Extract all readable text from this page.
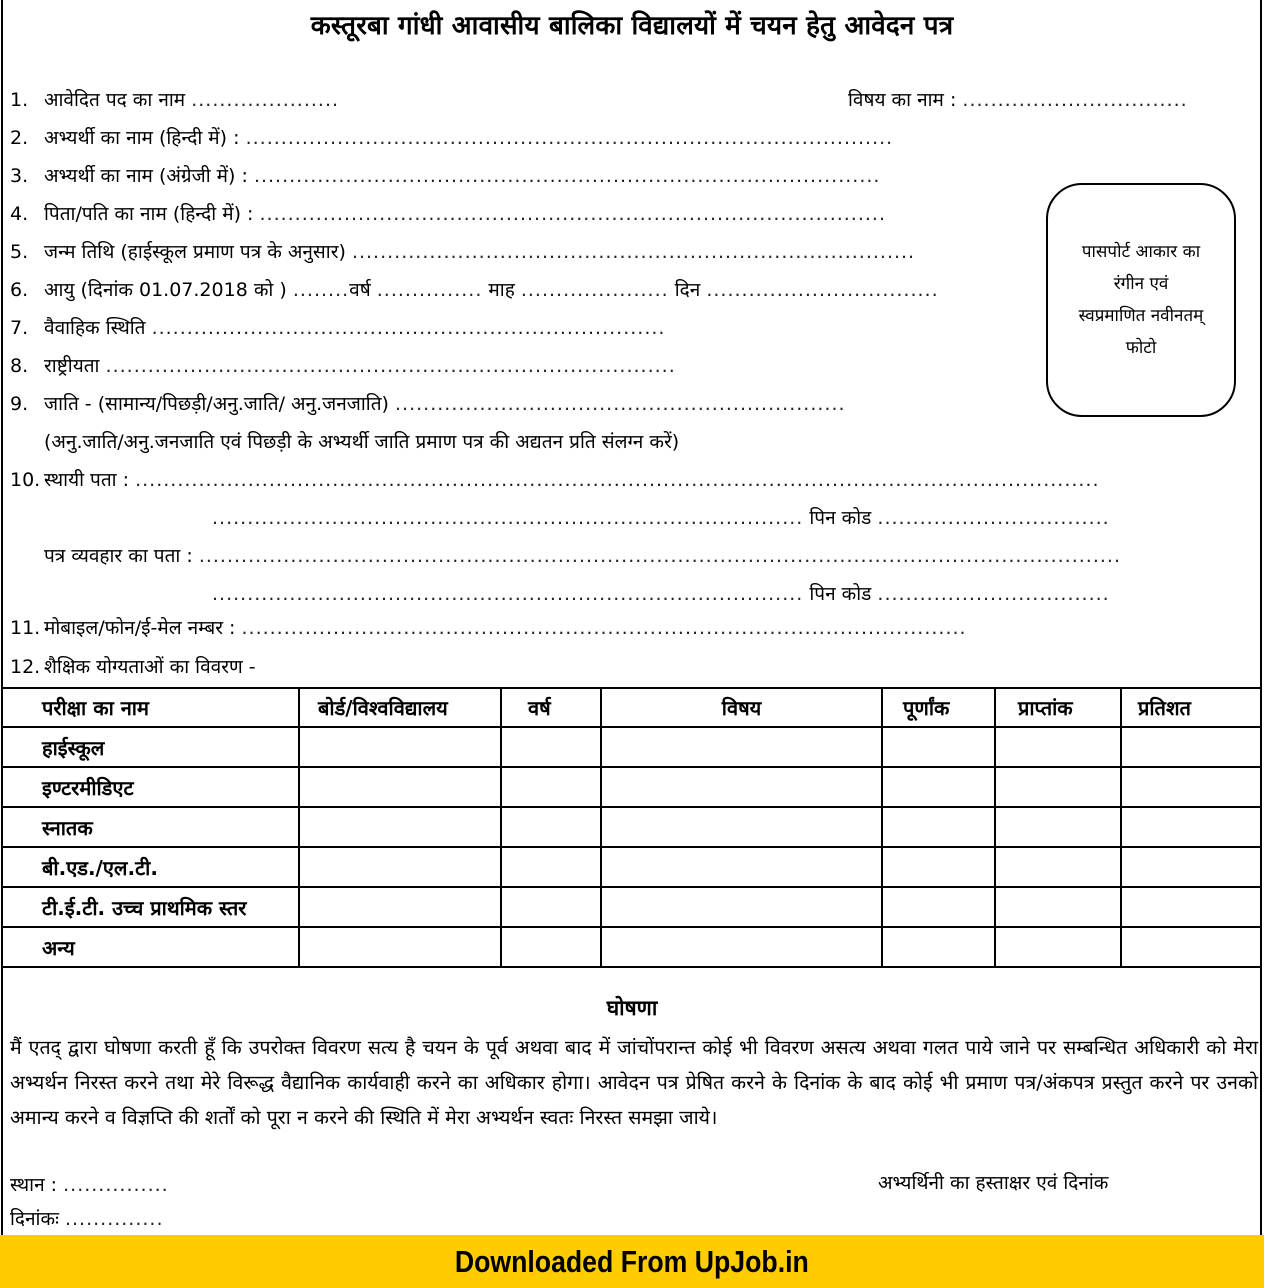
कस्तूरबा गांधी आवासीय बालिका विद्यालयों में चयन हेतु आवेदन पत्र
1. आवेदित पद का नाम .....................	विषय का नाम : ................................
2. अभ्यर्थी का नाम (हिन्दी में) : ............................................................................................
3. अभ्यर्थी का नाम (अंग्रेजी में) : .........................................................................................
4. पिता/पति का नाम (हिन्दी में) : .........................................................................................
5. जन्म तिथि (हाईस्कूल प्रमाण पत्र के अनुसार) ................................................................................
6. आयु (दिनांक 01.07.2018 को ) ........वर्ष ............... माह ..................... दिन .................................
7. वैवाहिक स्थिति .........................................................................
8. राष्ट्रीयता .................................................................................
9. जाति - (सामान्य/पिछड़ी/अनु.जाति/ अनु.जनजाति) ................................................................
(अनु.जाति/अनु.जनजाति एवं पिछड़ी के अभ्यर्थी जाति प्रमाण पत्र की अद्यतन प्रति संलग्न करें)
10. स्थायी पता : .........................................................................................................................................
.................................................................................... पिन कोड .................................
पत्र व्यवहार का पता : ...................................................................................................................................
.................................................................................... पिन कोड .................................
11. मोबाइल/फोन/ई-मेल नम्बर : .......................................................................................................
12. शैक्षिक योग्यताओं का विवरण -
पासपोर्ट आकार का
रंगीन एवं
स्वप्रमाणित नवीनतम्
फोटो
परीक्षा का नाम	बोर्ड/विश्वविद्यालय	वर्ष	विषय	पूर्णांक	प्राप्तांक	प्रतिशत
हाईस्कूल						
इण्टरमीडिएट						
स्नातक						
बी.एड./एल.टी.						
टी.ई.टी. उच्च प्राथमिक स्तर						
अन्य						
घोषणा
मैं एतद् द्वारा घोषणा करती हूँ कि उपरोक्त विवरण सत्य है चयन के पूर्व अथवा बाद में जांचोंपरान्त कोई भी विवरण असत्य अथवा गलत पाये जाने पर सम्बन्धित अधिकारी को मेरा अभ्यर्थन निरस्त करने तथा मेरे विरूद्ध वैद्यानिक कार्यवाही करने का अधिकार होगा। आवेदन पत्र प्रेषित करने के दिनांक के बाद कोई भी प्रमाण पत्र/अंकपत्र प्रस्तुत करने पर उनको अमान्य करने व विज्ञप्ति की शर्तों को पूरा न करने की स्थिति में मेरा अभ्यर्थन स्वतः निरस्त समझा जाये।
स्थान : ...............	अभ्यर्थिनी का हस्ताक्षर एवं दिनांक
दिनांकः ..............
Downloaded From UpJob.in
